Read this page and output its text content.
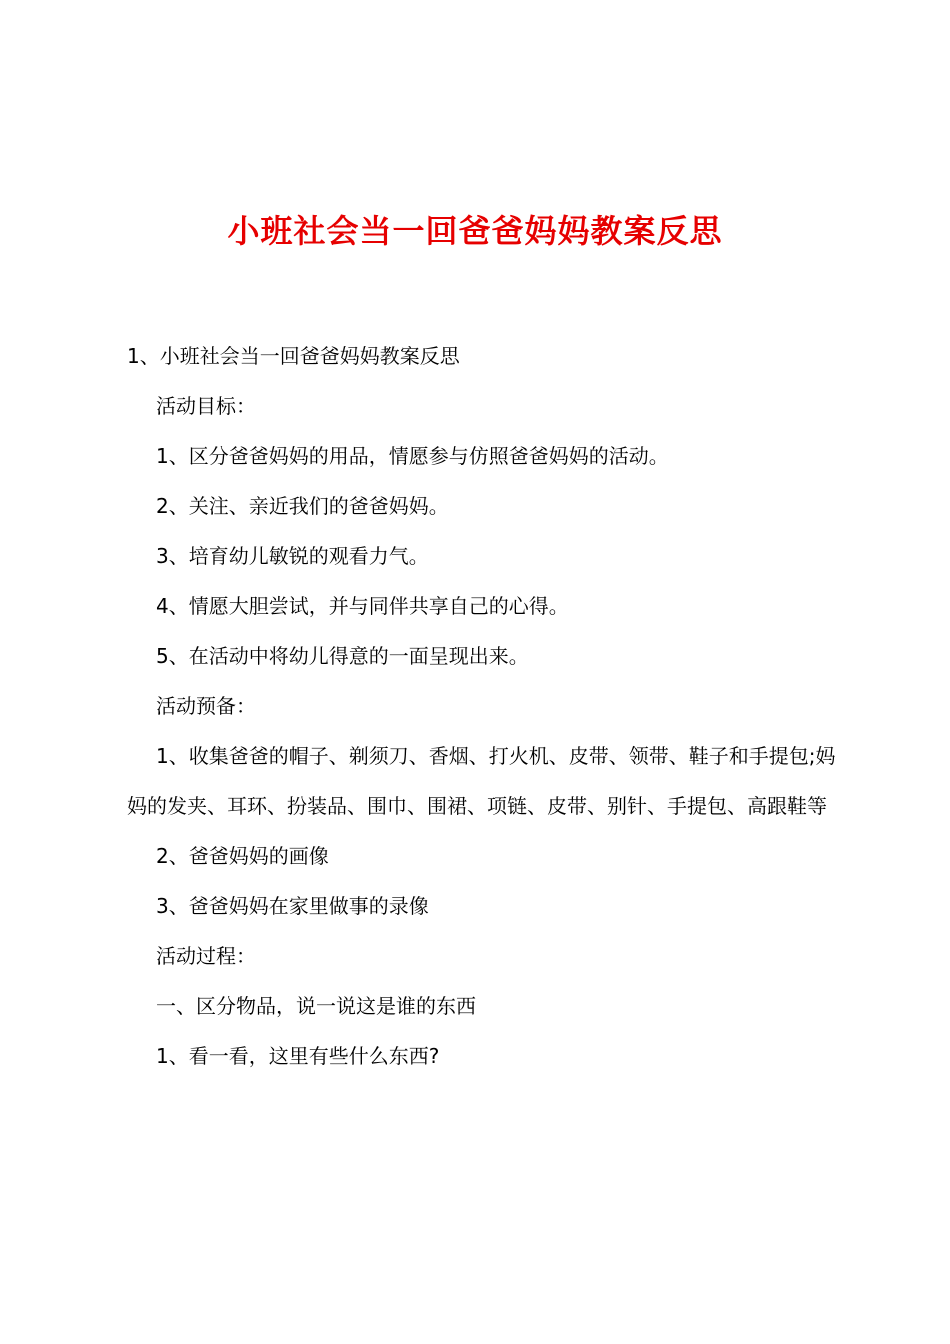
小班社会当一回爸爸妈妈教案反思

1、小班社会当一回爸爸妈妈教案反思

活动目标：

1、区分爸爸妈妈的用品，情愿参与仿照爸爸妈妈的活动。

2、关注、亲近我们的爸爸妈妈。

3、培育幼儿敏锐的观看力气。

4、情愿大胆尝试，并与同伴共享自己的心得。

5、在活动中将幼儿得意的一面呈现出来。

活动预备：

1、收集爸爸的帽子、剃须刀、香烟、打火机、皮带、领带、鞋子和手提包;妈妈的发夹、耳环、扮装品、围巾、围裙、项链、皮带、别针、手提包、高跟鞋等

2、爸爸妈妈的画像

3、爸爸妈妈在家里做事的录像

活动过程：

一、区分物品，说一说这是谁的东西

1、看一看，这里有些什么东西?
